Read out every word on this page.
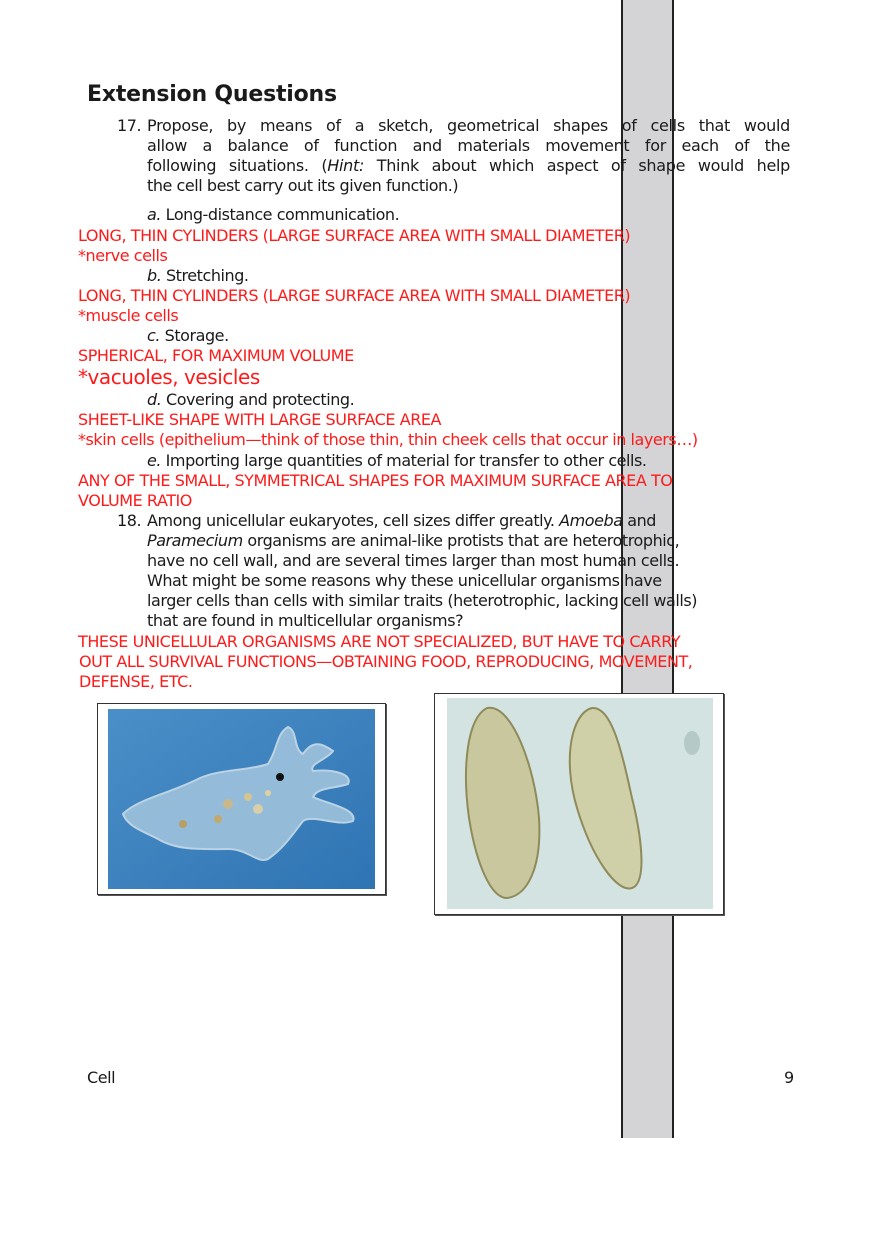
Extension Questions
17. Propose, by means of a sketch, geometrical shapes of cells that would
allow a balance of function and materials movement for each of the
following situations. (Hint: Think about which aspect of shape would help
the cell best carry out its given function.)
a. Long-distance communication.
LONG, THIN CYLINDERS (LARGE SURFACE AREA WITH SMALL DIAMETER)
*nerve cells
b. Stretching.
LONG, THIN CYLINDERS (LARGE SURFACE AREA WITH SMALL DIAMETER)
*muscle cells
c. Storage.
SPHERICAL, FOR MAXIMUM VOLUME
*vacuoles, vesicles
d. Covering and protecting.
SHEET-LIKE SHAPE WITH LARGE SURFACE AREA
*skin cells (epithelium—think of those thin, thin cheek cells that occur in layers…)
e. Importing large quantities of material for transfer to other cells.
ANY OF THE SMALL, SYMMETRICAL SHAPES FOR MAXIMUM SURFACE AREA TO
VOLUME RATIO
18. Among unicellular eukaryotes, cell sizes differ greatly. Amoeba and
Paramecium organisms are animal-like protists that are heterotrophic,
have no cell wall, and are several times larger than most human cells.
What might be some reasons why these unicellular organisms have
larger cells than cells with similar traits (heterotrophic, lacking cell walls)
that are found in multicellular organisms?
THESE UNICELLULAR ORGANISMS ARE NOT SPECIALIZED, BUT HAVE TO CARRY
OUT ALL SURVIVAL FUNCTIONS—OBTAINING FOOD, REPRODUCING, MOVEMENT,
DEFENSE, ETC.
Cell	9
